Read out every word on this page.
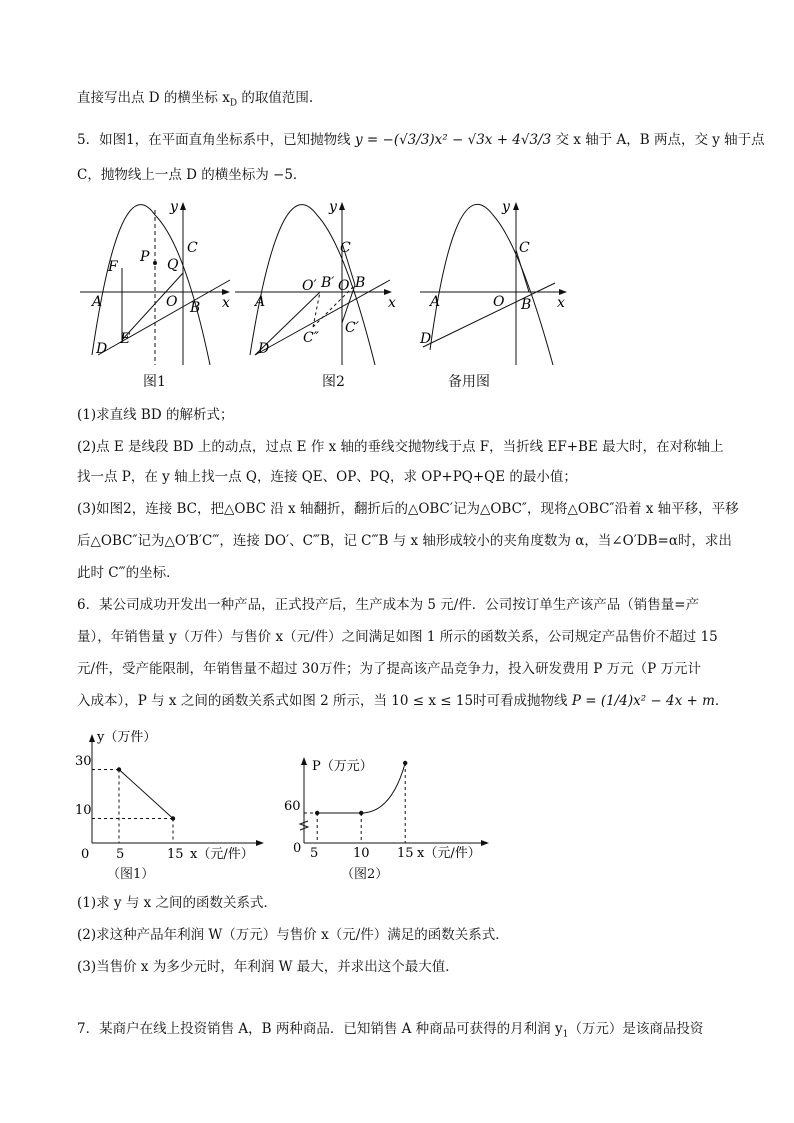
直接写出点 D 的横坐标 $x_D$ 的取值范围.
5．如图1，在平面直角坐标系中，已知抛物线 y = −(√3/3)x² − √3x + 4√3/3 交 x 轴于 A，B 两点，交 y 轴于点
C，抛物线上一点 D 的横坐标为 −5．
y
x
A	B
C
O
D
E
F
P Q
图1
y
x
A
B
C
O
D
O′ B′
C′
C″
图2
y
x
A	B
C
O
D
备用图
(1)求直线 BD 的解析式；
(2)点 E 是线段 BD 上的动点，过点 E 作 x 轴的垂线交抛物线于点 F，当折线 EF+BE 最大时，在对称轴上
找一点 P，在 y 轴上找一点 Q，连接 QE、OP、PQ，求 OP+PQ+QE 的最小值；
(3)如图2，连接 BC，把△OBC 沿 x 轴翻折，翻折后的△OBC′记为△OBC″，现将△OBC″沿着 x 轴平移，平移
后△OBC″记为△O′B′C‴，连接 DO′、C‴B，记 C‴B 与 x 轴形成较小的夹角度数为 α，当∠O′DB=α时，求出
此时 C‴的坐标．
6．某公司成功开发出一种产品，正式投产后，生产成本为 5 元/件．公司按订单生产该产品（销售量=产
量），年销售量 y（万件）与售价 x（元/件）之间满足如图 1 所示的函数关系，公司规定产品售价不超过 15
元/件，受产能限制，年销售量不超过 30万件；为了提高该产品竞争力，投入研发费用 P 万元（P 万元计
入成本），P 与 x 之间的函数关系式如图 2 所示，当 10 ≤ x ≤ 15时可看成抛物线 P = (1/4)x² − 4x + m．
y（万件）
x（元/件）
0 5	15
30
10
（图1）
P（万元）
x（元/件）
0 5	10 15
60
（图2）
(1)求 y 与 x 之间的函数关系式．
(2)求这种产品年利润 W（万元）与售价 x（元/件）满足的函数关系式．
(3)当售价 x 为多少元时，年利润 W 最大，并求出这个最大值．
7．某商户在线上投资销售 A，B 两种商品．已知销售 A 种商品可获得的月利润 $y_1$（万元）是该商品投资
